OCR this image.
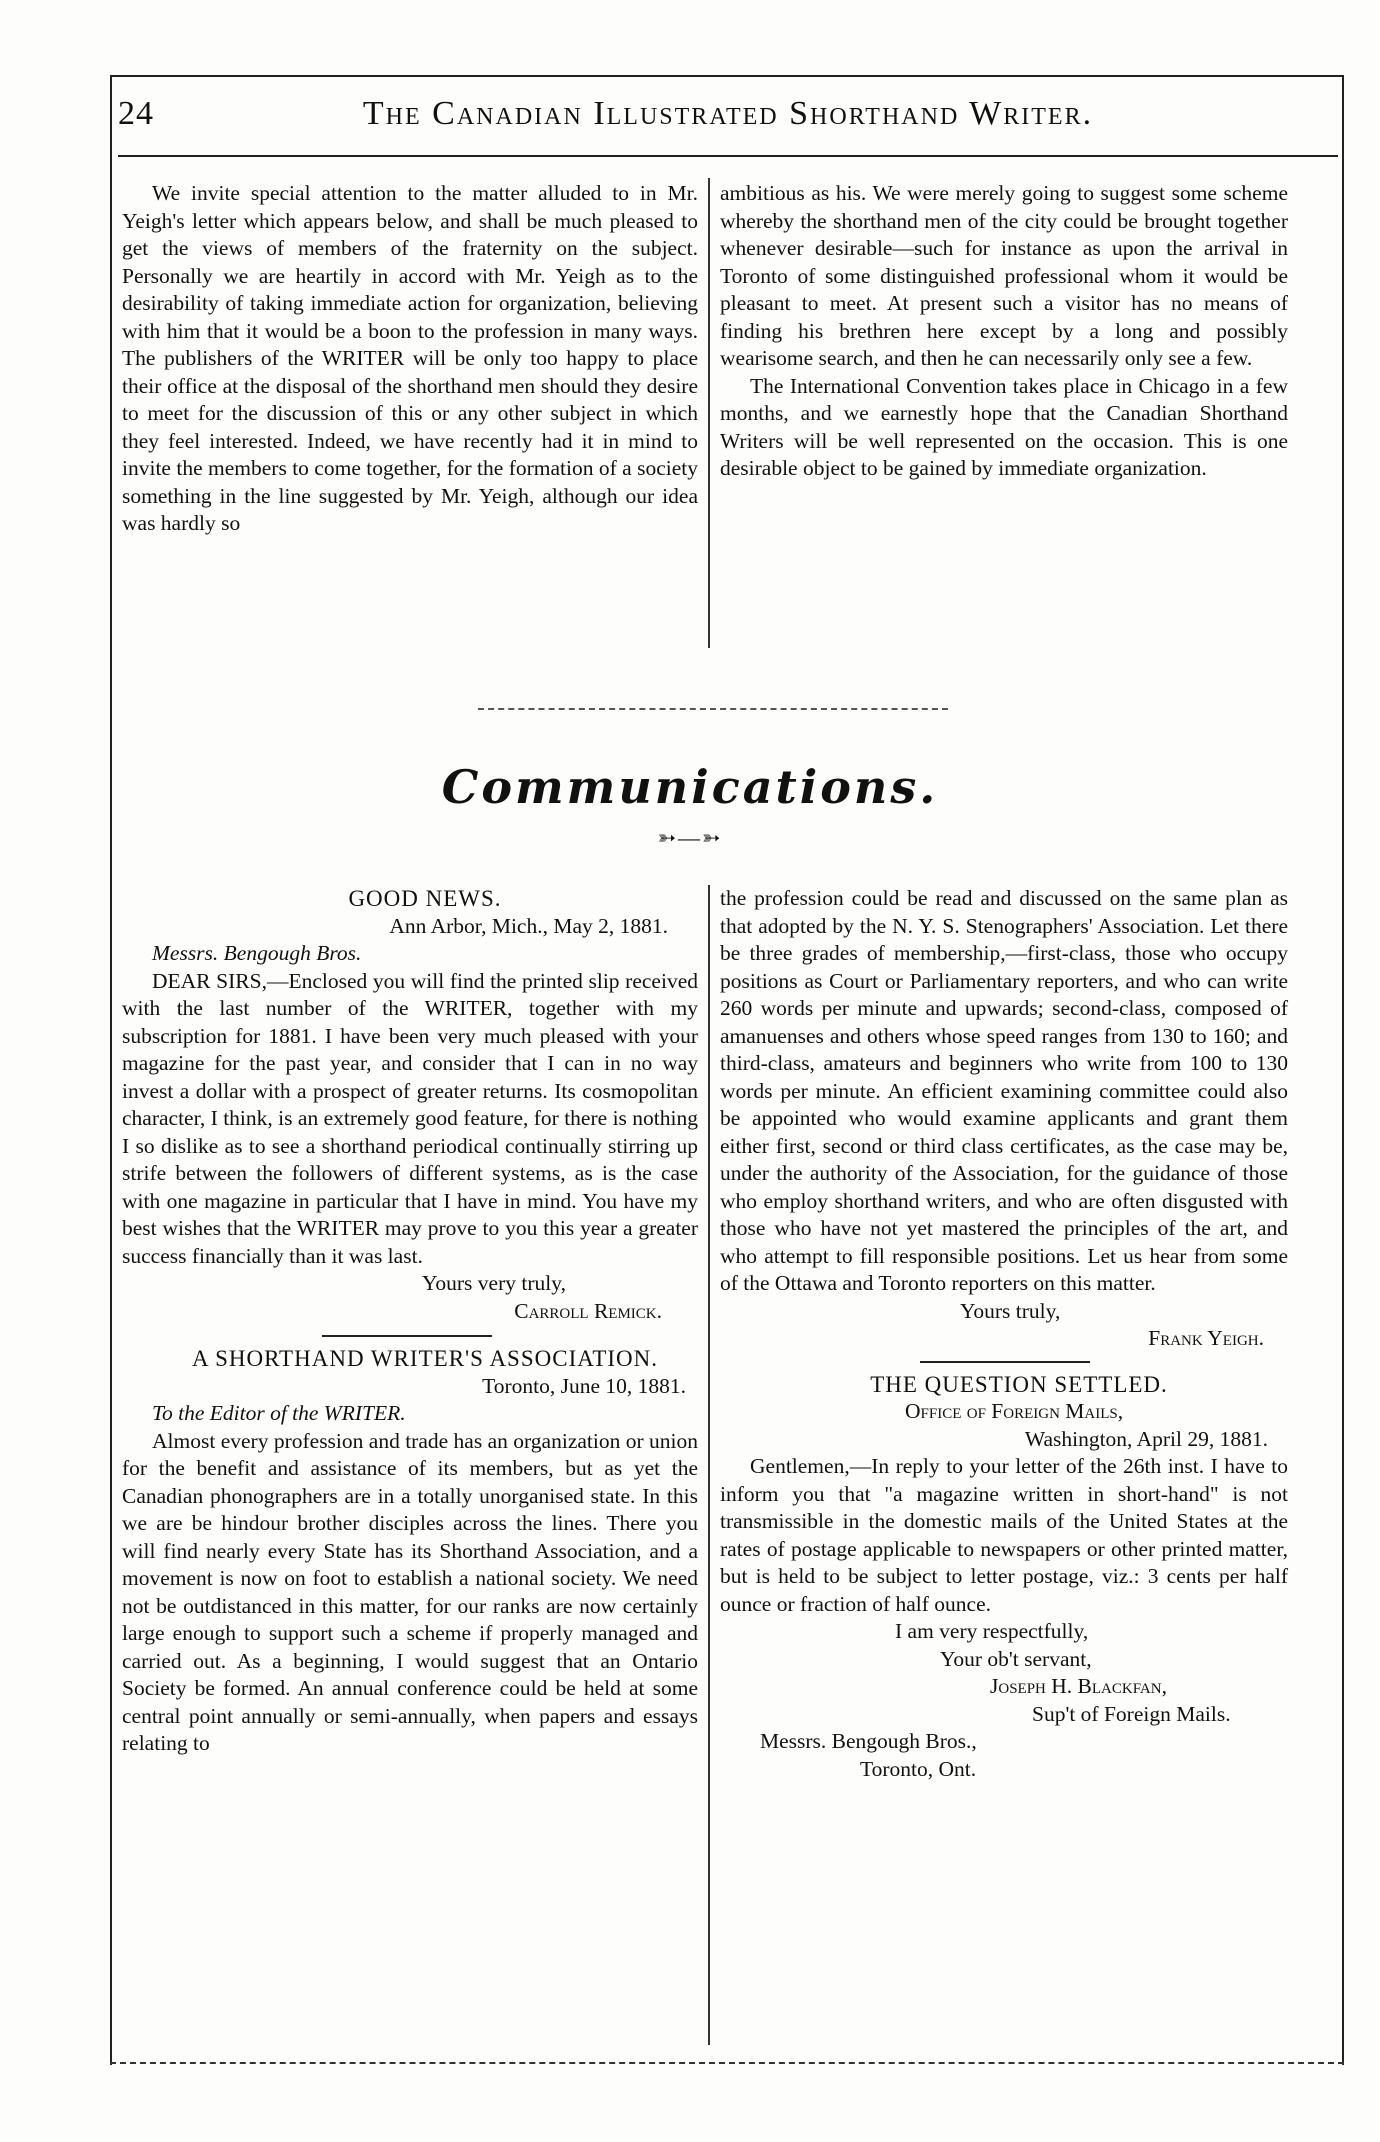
24	The Canadian Illustrated Shorthand Writer.

We invite special attention to the matter alluded to in Mr. Yeigh's letter which appears below, and shall be much pleased to get the views of members of the fraternity on the subject. Personally we are heartily in accord with Mr. Yeigh as to the desirability of taking immediate action for organization, believing with him that it would be a boon to the profession in many ways. The publishers of the WRITER will be only too happy to place their office at the disposal of the shorthand men should they desire to meet for the discussion of this or any other subject in which they feel interested. Indeed, we have recently had it in mind to invite the members to come together, for the formation of a society something in the line suggested by Mr. Yeigh, although our idea was hardly so

ambitious as his. We were merely going to suggest some scheme whereby the shorthand men of the city could be brought together whenever desirable—such for instance as upon the arrival in Toronto of some distinguished professional whom it would be pleasant to meet. At present such a visitor has no means of finding his brethren here except by a long and possibly wearisome search, and then he can necessarily only see a few.

The International Convention takes place in Chicago in a few months, and we earnestly hope that the Canadian Shorthand Writers will be well represented on the occasion. This is one desirable object to be gained by immediate organization.

Communications.
➳—➳

GOOD NEWS.

Ann Arbor, Mich., May 2, 1881.

Messrs. Bengough Bros.

DEAR SIRS,—Enclosed you will find the printed slip received with the last number of the WRITER, together with my subscription for 1881. I have been very much pleased with your magazine for the past year, and consider that I can in no way invest a dollar with a prospect of greater returns. Its cosmopolitan character, I think, is an extremely good feature, for there is nothing I so dislike as to see a shorthand periodical continually stirring up strife between the followers of different systems, as is the case with one magazine in particular that I have in mind. You have my best wishes that the WRITER may prove to you this year a greater success financially than it was last.

Yours very truly,

Carroll Remick.

A SHORTHAND WRITER'S ASSOCIATION.

Toronto, June 10, 1881.

To the Editor of the WRITER.

Almost every profession and trade has an organization or union for the benefit and assistance of its members, but as yet the Canadian phonographers are in a totally unorganised state. In this we are be hindour brother disciples across the lines. There you will find nearly every State has its Shorthand Association, and a movement is now on foot to establish a national society. We need not be outdistanced in this matter, for our ranks are now certainly large enough to support such a scheme if properly managed and carried out. As a beginning, I would suggest that an Ontario Society be formed. An annual conference could be held at some central point annually or semi-annually, when papers and essays relating to

the profession could be read and discussed on the same plan as that adopted by the N. Y. S. Stenographers' Association. Let there be three grades of membership,—first-class, those who occupy positions as Court or Parliamentary reporters, and who can write 260 words per minute and upwards; second-class, composed of amanuenses and others whose speed ranges from 130 to 160; and third-class, amateurs and beginners who write from 100 to 130 words per minute. An efficient examining committee could also be appointed who would examine applicants and grant them either first, second or third class certificates, as the case may be, under the authority of the Association, for the guidance of those who employ shorthand writers, and who are often disgusted with those who have not yet mastered the principles of the art, and who attempt to fill responsible positions. Let us hear from some of the Ottawa and Toronto reporters on this matter.

Yours truly,

Frank Yeigh.

THE QUESTION SETTLED.

Office of Foreign Mails,

Washington, April 29, 1881.

Gentlemen,—In reply to your letter of the 26th inst. I have to inform you that "a magazine written in short-hand" is not transmissible in the domestic mails of the United States at the rates of postage applicable to newspapers or other printed matter, but is held to be subject to letter postage, viz.: 3 cents per half ounce or fraction of half ounce.

I am very respectfully,

Your ob't servant,

Joseph H. Blackfan,

Sup't of Foreign Mails.

Messrs. Bengough Bros.,

Toronto, Ont.
